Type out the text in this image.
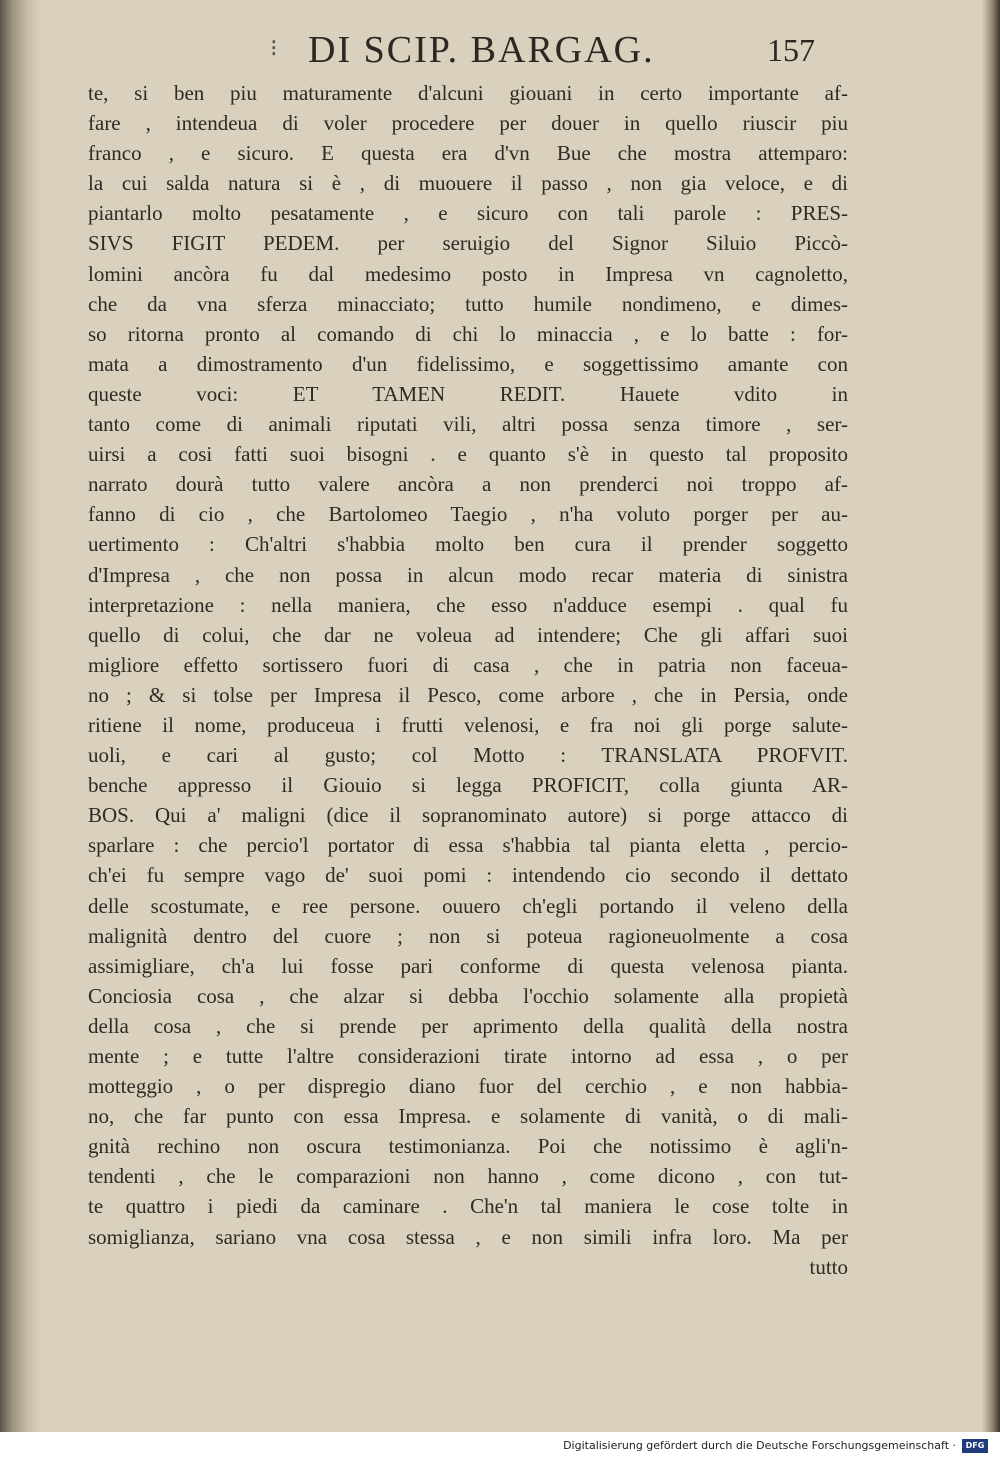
⁝ DI SCIP. BARGAG.	157
te, si ben piu maturamente d'alcuni giouani in certo importante af-
fare , intendeua di voler procedere per douer in quello riuscir piu
franco , e sicuro. E questa era d'vn Bue che mostra attemparo:
la cui salda natura si è , di muouere il passo , non gia veloce, e di
piantarlo molto pesatamente , e sicuro con tali parole : PRES-
SIVS FIGIT PEDEM. per seruigio del Signor Siluio Piccò-
lomini ancòra fu dal medesimo posto in Impresa vn cagnoletto,
che da vna sferza minacciato; tutto humile nondimeno, e dimes-
so ritorna pronto al comando di chi lo minaccia , e lo batte : for-
mata a dimostramento d'un fidelissimo, e soggettissimo amante con
queste voci: ET TAMEN REDIT. Hauete vdito in
tanto come di animali riputati vili, altri possa senza timore , ser-
uirsi a cosi fatti suoi bisogni . e quanto s'è in questo tal proposito
narrato dourà tutto valere ancòra a non prenderci noi troppo af-
fanno di cio , che Bartolomeo Taegio , n'ha voluto porger per au-
uertimento : Ch'altri s'habbia molto ben cura il prender soggetto
d'Impresa , che non possa in alcun modo recar materia di sinistra
interpretazione : nella maniera, che esso n'adduce esempi . qual fu
quello di colui, che dar ne voleua ad intendere; Che gli affari suoi
migliore effetto sortissero fuori di casa , che in patria non faceua-
no ; & si tolse per Impresa il Pesco, come arbore , che in Persia, onde
ritiene il nome, produceua i frutti velenosi, e fra noi gli porge salute-
uoli, e cari al gusto; col Motto : TRANSLATA PROFVIT.
benche appresso il Giouio si legga PROFICIT, colla giunta AR-
BOS. Qui a' maligni (dice il sopranominato autore) si porge attacco di
sparlare : che percio'l portator di essa s'habbia tal pianta eletta , percio-
ch'ei fu sempre vago de' suoi pomi : intendendo cio secondo il dettato
delle scostumate, e ree persone. ouuero ch'egli portando il veleno della
malignità dentro del cuore ; non si poteua ragioneuolmente a cosa
assimigliare, ch'a lui fosse pari conforme di questa velenosa pianta.
Conciosia cosa , che alzar si debba l'occhio solamente alla propietà
della cosa , che si prende per aprimento della qualità della nostra
mente ; e tutte l'altre considerazioni tirate intorno ad essa , o per
motteggio , o per dispregio diano fuor del cerchio , e non habbia-
no, che far punto con essa Impresa. e solamente di vanità, o di mali-
gnità rechino non oscura testimonianza. Poi che notissimo è agli'n-
tendenti , che le comparazioni non hanno , come dicono , con tut-
te quattro i piedi da caminare . Che'n tal maniera le cose tolte in
somiglianza, sariano vna cosa stessa , e non simili infra loro. Ma per
tutto
Digitalisierung gefördert durch die Deutsche Forschungsgemeinschaft ·	DFG
